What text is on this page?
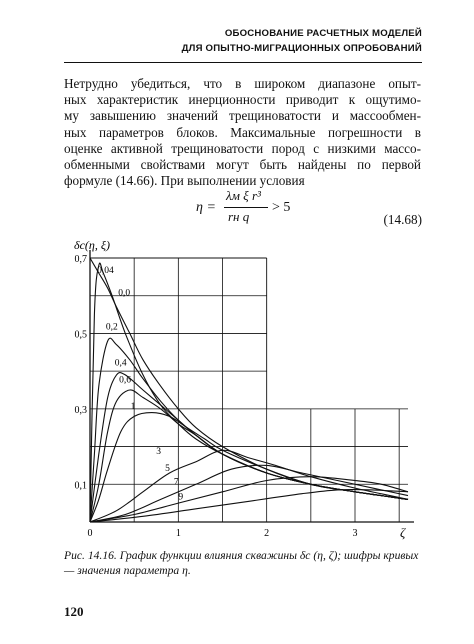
ОБОСНОВАНИЕ РАСЧЕТНЫХ МОДЕЛЕЙ
ДЛЯ ОПЫТНО-МИГРАЦИОННЫХ ОПРОБОВАНИЙ
Нетрудно убедиться, что в широком диапазоне опыт-
ных характеристик инерционности приводит к ощутимо-
му завышению значений трещиноватости и массообмен-
ных параметров блоков. Максимальные погрешности в
оценке активной трещиноватости пород с низкими массо-
обменными свойствами могут быть найдены по первой
формуле (14.66). При выполнении условия
η =
λм ξ r³
rн q
> 5
(14.68)
0,1
0,3
0,5
0,7
0	1	2	3
0,04
0,0
0,2
0,4
0,6
1
3
5
7
9
δc(η, ξ)
ζ
Рис. 14.16. График функции влияния скважины δc (η, ζ); шифры кривых — значения параметра η.
120
